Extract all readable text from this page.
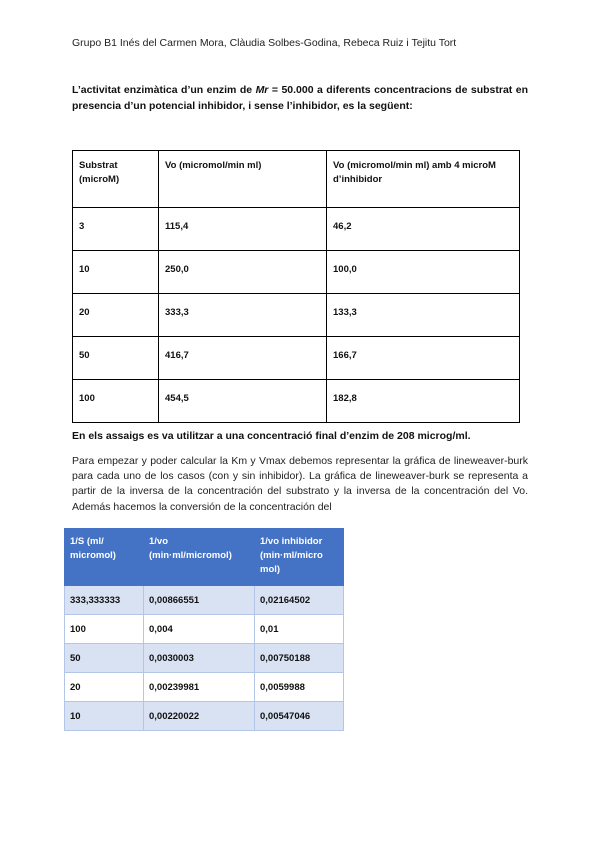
Grupo B1 Inés del Carmen Mora, Clàudia Solbes-Godina, Rebeca Ruiz i Tejitu Tort
L’activitat enzimàtica d’un enzim de Mr = 50.000 a diferents concentracions de substrat en presencia d’un potencial inhibidor, i sense l’inhibidor, es la següent:
Substrat (microM)	Vo (micromol/min ml)	Vo (micromol/min ml) amb 4 microM d’inhibidor
3	115,4	46,2
10	250,0	100,0
20	333,3	133,3
50	416,7	166,7
100	454,5	182,8
En els assaigs es va utilitzar a una concentració final d’enzim de 208 microg/ml.
Para empezar y poder calcular la Km y Vmax debemos representar la gráfica de lineweaver-burk para cada uno de los casos (con y sin inhibidor). La gráfica de lineweaver-burk se representa a partir de la inversa de la concentración del substrato y la inversa de la concentración del Vo. Además hacemos la conversión de la concentración del
1/S (ml/ micromol)	1/vo (min·ml/micromol)	1/vo inhibidor (min·ml/micro mol)
333,333333	0,00866551	0,02164502
100	0,004	0,01
50	0,0030003	0,00750188
20	0,00239981	0,0059988
10	0,00220022	0,00547046
